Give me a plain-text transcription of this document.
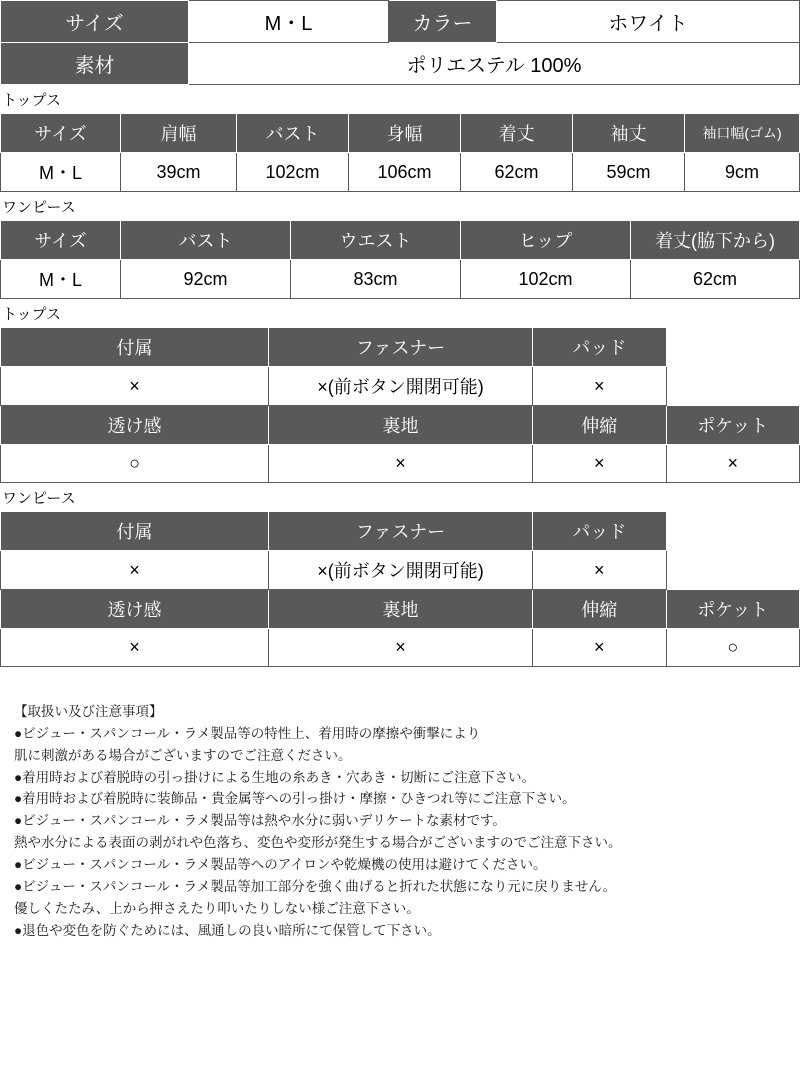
サイズ	M・L	カラー	ホワイト
素材	ポリエステル 100%		
トップス
サイズ	肩幅	バスト	身幅	着丈	袖丈	袖口幅(ゴム)
M・L	39cm	102cm	106cm	62cm	59cm	9cm
ワンピース
サイズ	バスト	ウエスト	ヒップ	着丈(脇下から)
M・L	92cm	83cm	102cm	62cm
トップス
付属	ファスナー	パッド	
×	×(前ボタン開閉可能)	×	
透け感	裏地	伸縮	ポケット
○	×	×	×
ワンピース
付属	ファスナー	パッド	
×	×(前ボタン開閉可能)	×	
透け感	裏地	伸縮	ポケット
×	×	×	○
【取扱い及び注意事項】
●ビジュー・スパンコール・ラメ製品等の特性上、着用時の摩擦や衝撃により
肌に刺激がある場合がございますのでご注意ください。
●着用時および着脱時の引っ掛けによる生地の糸あき・穴あき・切断にご注意下さい。
●着用時および着脱時に装飾品・貴金属等への引っ掛け・摩擦・ひきつれ等にご注意下さい。
●ビジュー・スパンコール・ラメ製品等は熱や水分に弱いデリケートな素材です。
熱や水分による表面の剥がれや色落ち、変色や変形が発生する場合がございますのでご注意下さい。
●ビジュー・スパンコール・ラメ製品等へのアイロンや乾燥機の使用は避けてください。
●ビジュー・スパンコール・ラメ製品等加工部分を強く曲げると折れた状態になり元に戻りません。
優しくたたみ、上から押さえたり叩いたりしない様ご注意下さい。
●退色や変色を防ぐためには、風通しの良い暗所にて保管して下さい。
